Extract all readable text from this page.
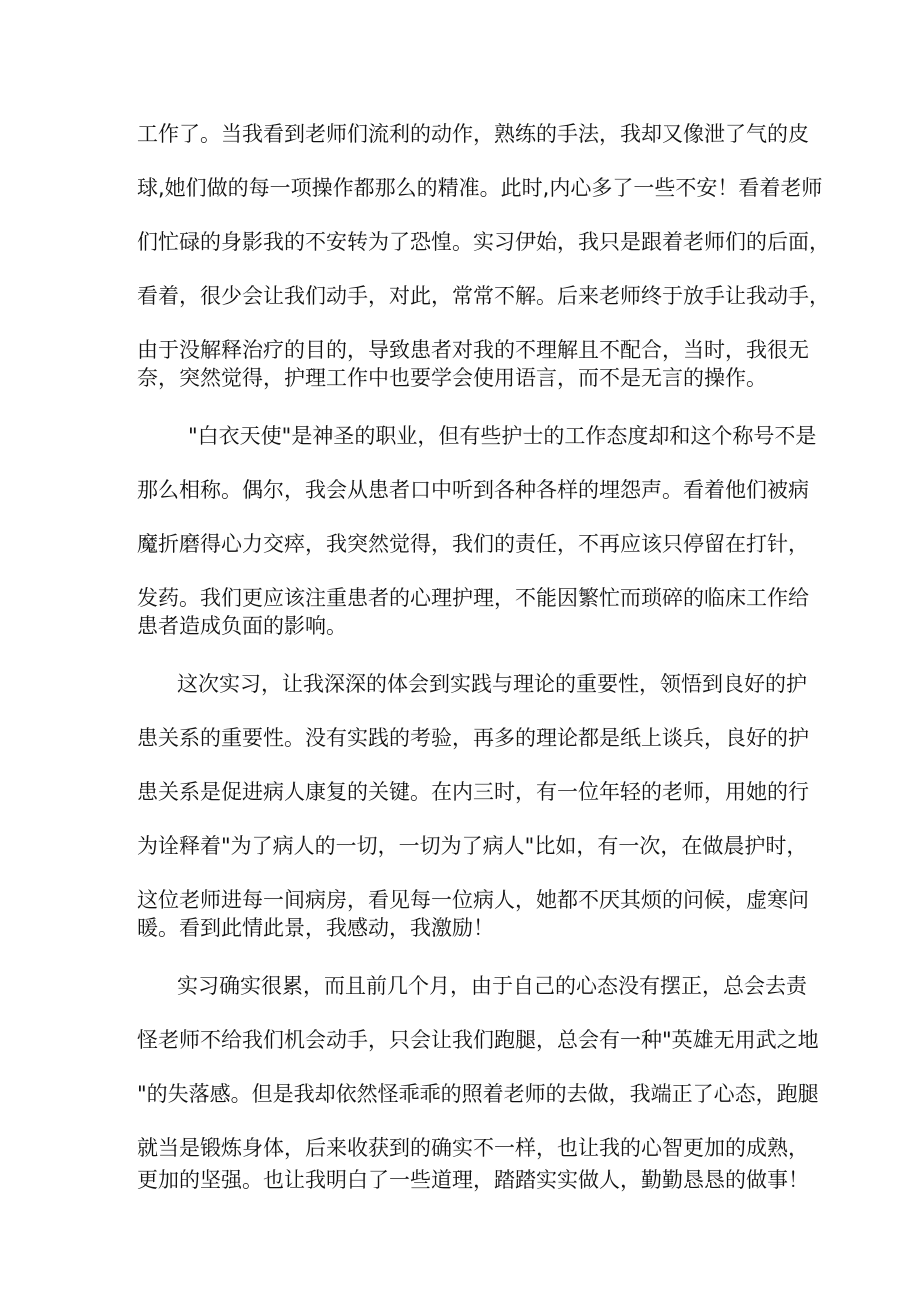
工作了。当我看到老师们流利的动作，熟练的手法，我却又像泄了气的皮
球,她们做的每一项操作都那么的精准。此时,内心多了一些不安！看着老师
们忙碌的身影我的不安转为了恐惶。实习伊始，我只是跟着老师们的后面，
看着，很少会让我们动手，对此，常常不解。后来老师终于放手让我动手，
由于没解释治疗的目的，导致患者对我的不理解且不配合，当时，我很无
奈，突然觉得，护理工作中也要学会使用语言，而不是无言的操作。
"白衣天使"是神圣的职业，但有些护士的工作态度却和这个称号不是
那么相称。偶尔，我会从患者口中听到各种各样的埋怨声。看着他们被病
魔折磨得心力交瘁，我突然觉得，我们的责任，不再应该只停留在打针，
发药。我们更应该注重患者的心理护理，不能因繁忙而琐碎的临床工作给
患者造成负面的影响。
这次实习，让我深深的体会到实践与理论的重要性，领悟到良好的护
患关系的重要性。没有实践的考验，再多的理论都是纸上谈兵，良好的护
患关系是促进病人康复的关键。在内三时，有一位年轻的老师，用她的行
为诠释着"为了病人的一切，一切为了病人"比如，有一次，在做晨护时，
这位老师进每一间病房，看见每一位病人，她都不厌其烦的问候，虚寒问
暖。看到此情此景，我感动，我激励！
实习确实很累，而且前几个月，由于自己的心态没有摆正，总会去责
怪老师不给我们机会动手，只会让我们跑腿，总会有一种"英雄无用武之地
"的失落感。但是我却依然怪乖乖的照着老师的去做，我端正了心态，跑腿
就当是锻炼身体，后来收获到的确实不一样，也让我的心智更加的成熟，
更加的坚强。也让我明白了一些道理，踏踏实实做人，勤勤恳恳的做事！
